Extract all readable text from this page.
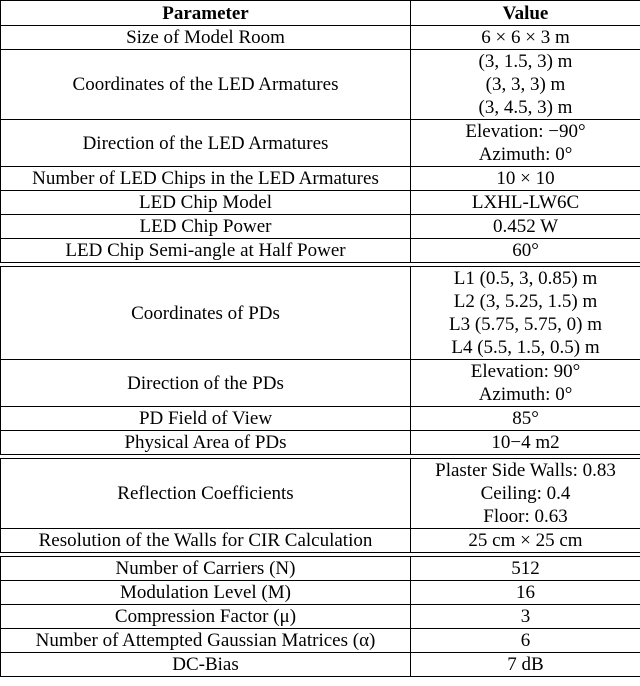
Parameter	Value
Size of Model Room	6 × 6 × 3 m

Coordinates of the LED Armatures	(3, 1.5, 3) m
(3, 3, 3) m
(3, 4.5, 3) m

Direction of the LED Armatures	Elevation: −90°
Azimuth: 0°

Number of LED Chips in the LED Armatures	10 × 10

LED Chip Model	LXHL-LW6C

LED Chip Power	0.452 W

LED Chip Semi-angle at Half Power	60°

Coordinates of PDs	L1 (0.5, 3, 0.85) m
L2 (3, 5.25, 1.5) m
L3 (5.75, 5.75, 0) m
L4 (5.5, 1.5, 0.5) m

Direction of the PDs	Elevation: 90°
Azimuth: 0°

PD Field of View	85°

Physical Area of PDs	10−4 m2

Reflection Coefficients	Plaster Side Walls: 0.83
Ceiling: 0.4
Floor: 0.63

Resolution of the Walls for CIR Calculation	25 cm × 25 cm

Number of Carriers (N)	512

Modulation Level (M)	16

Compression Factor (μ)	3

Number of Attempted Gaussian Matrices (α)	6

DC-Bias	7 dB
